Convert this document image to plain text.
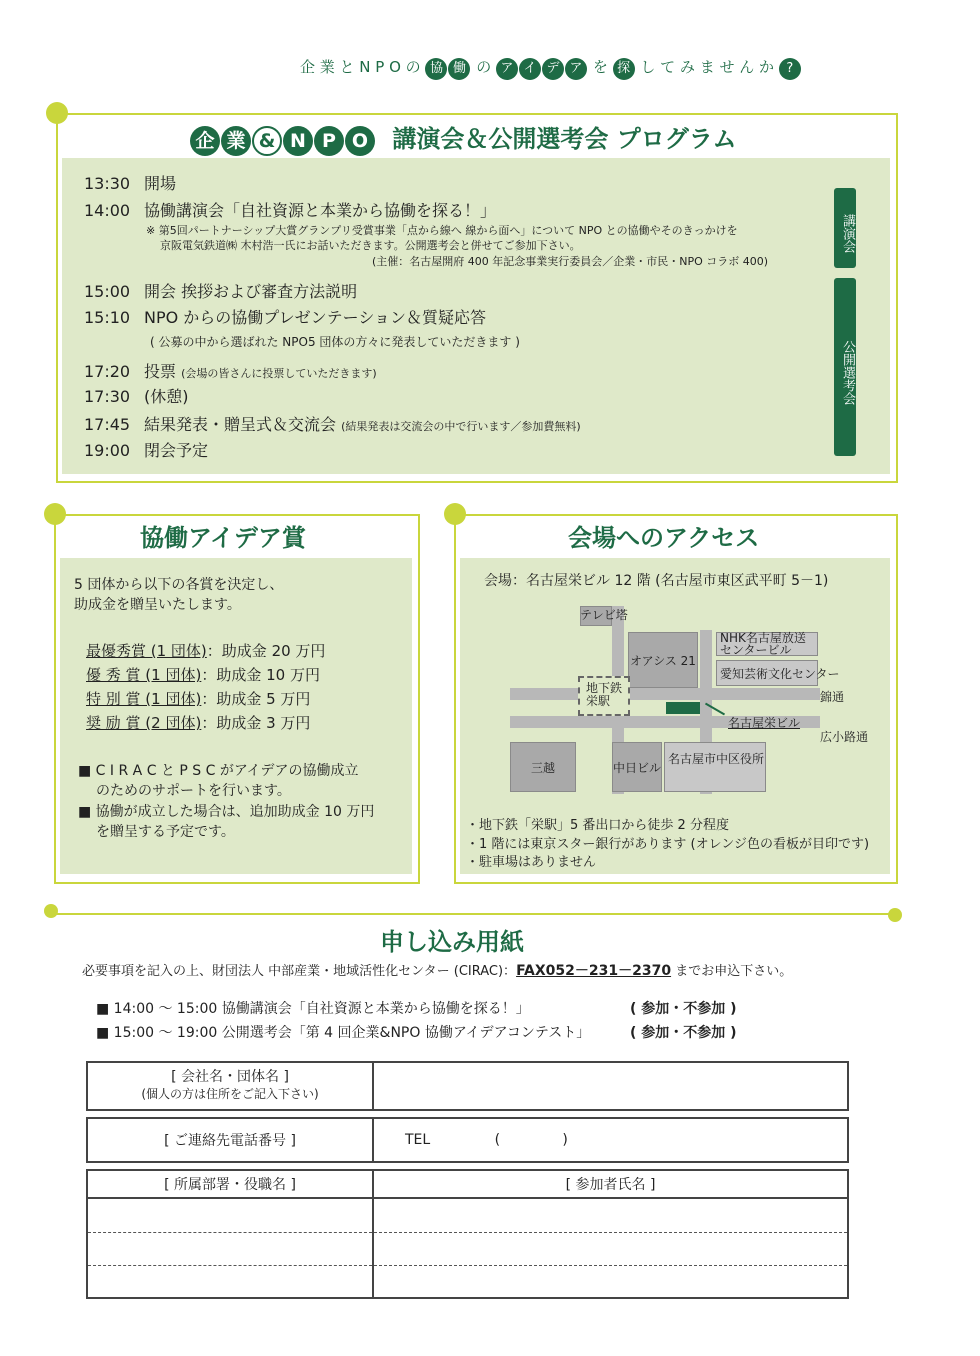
企 業 と N P O の 協 働 の ア イ デ ア を 探 し て み ま せ ん か ?
企 業 & N P O 講演会＆公開選考会 プログラム
13:30 開場
14:00 協働講演会「自社資源と本業から協働を探る！」
※ 第5回パートナーシップ大賞グランプリ受賞事業「点から線へ 線から面へ」について NPO との協働やそのきっかけを
京阪電気鉄道㈱ 木村浩一氏にお話いただきます。公開選考会と併せてご参加下さい。
(主催：名古屋開府 400 年記念事業実行委員会／企業・市民・NPO コラボ 400)
15:00 開会 挨拶および審査方法説明
15:10 NPO からの協働プレゼンテーション＆質疑応答
( 公募の中から選ばれた NPO5 団体の方々に発表していただきます )
17:20 投票 (会場の皆さんに投票していただきます)
17:30 (休憩)
17:45 結果発表・贈呈式＆交流会 (結果発表は交流会の中で行います／参加費無料)
19:00 閉会予定
講演会
公開選考会
協働アイデア賞
5 団体から以下の各賞を決定し、
助成金を贈呈いたします。
最優秀賞 (1 団体)：助成金 20 万円
優 秀 賞 (1 団体)：助成金 10 万円
特 別 賞 (1 団体)：助成金 5 万円
奨 励 賞 (2 団体)：助成金 3 万円
■ C I R A C と P S C がアイデアの協働成立
のためのサポートを行います。
■ 協働が成立した場合は、追加助成金 10 万円
を贈呈する予定です。
会場へのアクセス
会場：名古屋栄ビル 12 階 (名古屋市東区武平町 5－1)
テレビ塔
オアシス 21
NHK名古屋放送
センタービル
愛知芸術文化センター
錦通
地下鉄
栄駅
名古屋栄ビル
広小路通
三越	中日ビル
名古屋市中区役所
・地下鉄「栄駅」5 番出口から徒歩 2 分程度
・1 階には東京スター銀行があります (オレンジ色の看板が目印です)
・駐車場はありません
申し込み用紙
必要事項を記入の上、財団法人 中部産業・地域活性化センター (CIRAC)：FAX052－231－2370 までお申込下さい。
■ 14:00 ～ 15:00 協働講演会「自社資源と本業から協働を探る！」	( 参加・不参加 )
■ 15:00 ～ 19:00 公開選考会「第 4 回企業&NPO 協働アイデアコンテスト」	( 参加・不参加 )
[ 会社名・団体名 ]
(個人の方は住所をご記入下さい)	

[ ご連絡先電話番号 ]	TEL (              )

[ 所属部署・役職名 ]	[ 参加者氏名 ]
